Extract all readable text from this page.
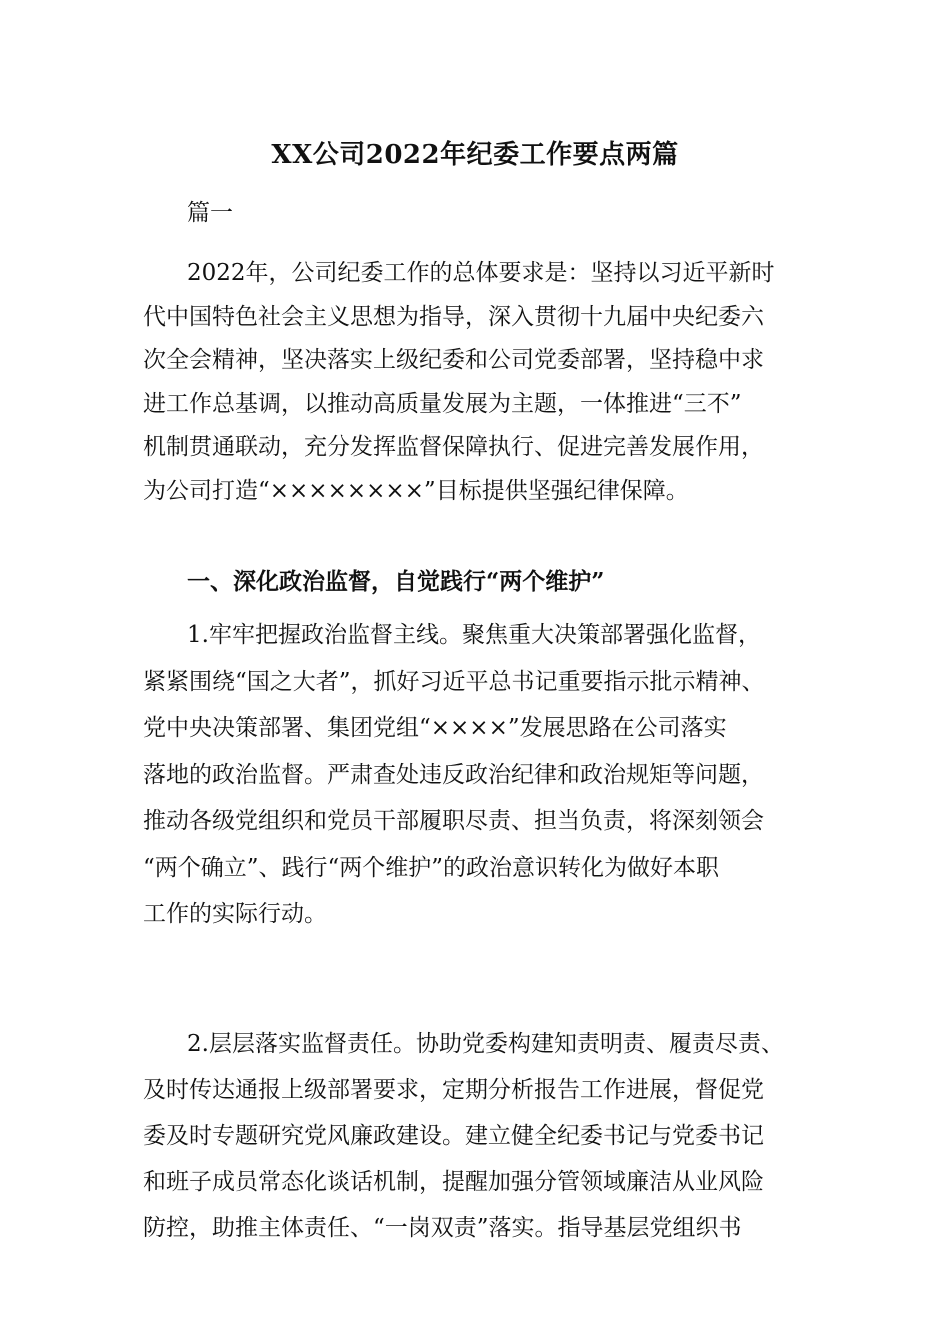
XX公司2022年纪委工作要点两篇
篇一
2022年，公司纪委工作的总体要求是：坚持以习近平新时
代中国特色社会主义思想为指导，深入贯彻十九届中央纪委六
次全会精神，坚决落实上级纪委和公司党委部署，坚持稳中求
进工作总基调，以推动高质量发展为主题，一体推进“三不”
机制贯通联动，充分发挥监督保障执行、促进完善发展作用，
为公司打造“××××××××”目标提供坚强纪律保障。
一、深化政治监督，自觉践行“两个维护”
1.牢牢把握政治监督主线。聚焦重大决策部署强化监督，
紧紧围绕“国之大者”，抓好习近平总书记重要指示批示精神、
党中央决策部署、集团党组“××××”发展思路在公司落实
落地的政治监督。严肃查处违反政治纪律和政治规矩等问题，
推动各级党组织和党员干部履职尽责、担当负责，将深刻领会
“两个确立”、践行“两个维护”的政治意识转化为做好本职
工作的实际行动。
2.层层落实监督责任。协助党委构建知责明责、履责尽责、
及时传达通报上级部署要求，定期分析报告工作进展，督促党
委及时专题研究党风廉政建设。建立健全纪委书记与党委书记
和班子成员常态化谈话机制，提醒加强分管领域廉洁从业风险
防控，助推主体责任、“一岗双责”落实。指导基层党组织书
